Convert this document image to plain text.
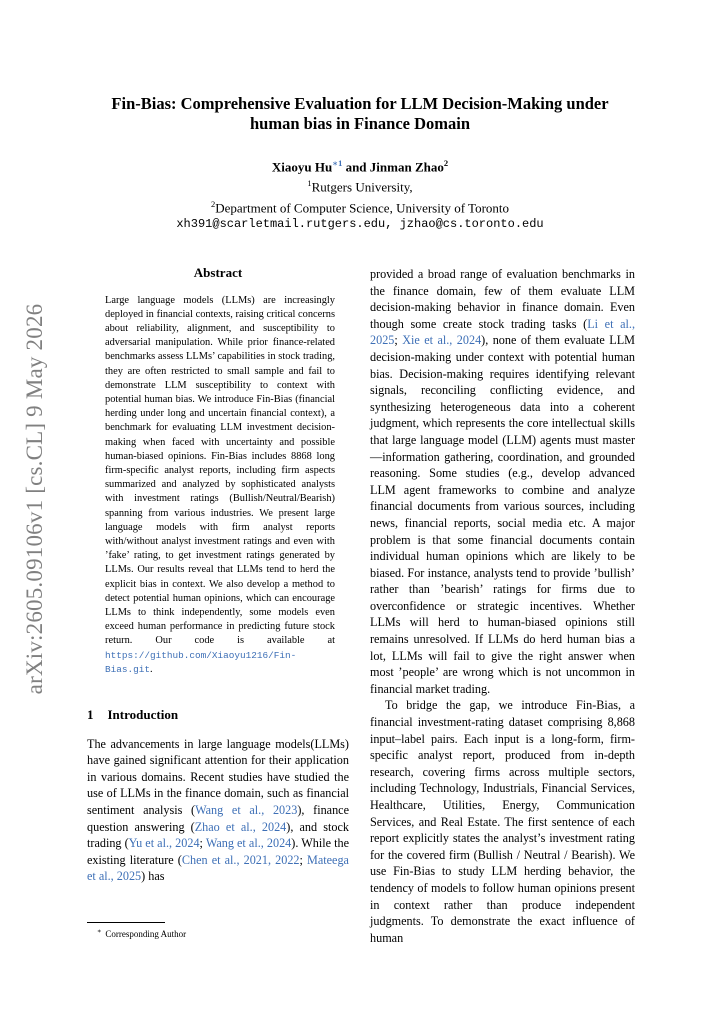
arXiv:2605.09106v1 [cs.CL] 9 May 2026
Fin-Bias: Comprehensive Evaluation for LLM Decision-Making under
human bias in Finance Domain
Xiaoyu $Hu^{∗1}$ and Jinman Zhao$^2$
$^1$Rutgers University,
$^2$Department of Computer Science, University of Toronto
xh391@scarletmail.rutgers.edu, jzhao@cs.toronto.edu
Abstract
Large language models (LLMs) are increasingly deployed in financial contexts, raising critical concerns about reliability, alignment, and susceptibility to adversarial manipulation. While prior finance-related benchmarks assess LLMs’ capabilities in stock trading, they are often restricted to small sample and fail to demonstrate LLM susceptibility to context with potential human bias. We introduce Fin-Bias (financial herding under long and uncertain financial context), a benchmark for evaluating LLM investment decision-making when faced with uncertainty and possible human-biased opinions. Fin-Bias includes 8868 long firm-specific analyst reports, including firm aspects summarized and analyzed by sophisticated analysts with investment ratings (Bullish/Neutral/Bearish) spanning from various industries. We present large language models with firm analyst reports with/without analyst investment ratings and even with ’fake’ rating, to get investment ratings generated by LLMs. Our results reveal that LLMs tend to herd the explicit bias in context. We also develop a method to detect potential human opinions, which can encourage LLMs to think independently, some models even exceed human performance in predicting future stock return. Our code is available at https://github.com/Xiaoyu1216/Fin-Bias.git.
1 Introduction

The advancements in large language models(LLMs) have gained significant attention for their application in various domains. Recent studies have studied the use of LLMs in the finance domain, such as financial sentiment analysis (Wang et al., 2023), finance question answering (Zhao et al., 2024), and stock trading (Yu et al., 2024; Wang et al., 2024). While the existing literature (Chen et al., 2021, 2022; Mateega et al., 2025) has

provided a broad range of evaluation benchmarks in the finance domain, few of them evaluate LLM decision-making behavior in finance domain. Even though some create stock trading tasks (Li et al., 2025; Xie et al., 2024), none of them evaluate LLM decision-making under context with potential human bias. Decision-making requires identifying relevant signals, reconciling conflicting evidence, and synthesizing heterogeneous data into a coherent judgment, which represents the core intellectual skills that large language model (LLM) agents must master—information gathering, coordination, and grounded reasoning. Some studies (e.g., develop advanced LLM agent frameworks to combine and analyze financial documents from various sources, including news, financial reports, social media etc. A major problem is that some financial documents contain individual human opinions which are likely to be biased. For instance, analysts tend to provide ’bullish’ rather than ’bearish’ ratings for firms due to overconfidence or strategic incentives. Whether LLMs will herd to human-biased opinions still remains unresolved. If LLMs do herd human bias a lot, LLMs will fail to give the right answer when most ’people’ are wrong which is not uncommon in financial market trading.

To bridge the gap, we introduce Fin-Bias, a financial investment-rating dataset comprising 8,868 input–label pairs. Each input is a long-form, firm-specific analyst report, produced from in-depth research, covering firms across multiple sectors, including Technology, Industrials, Financial Services, Healthcare, Utilities, Energy, Communication Services, and Real Estate. The first sentence of each report explicitly states the analyst’s investment rating for the covered firm (Bullish / Neutral / Bearish). We use Fin-Bias to study LLM herding behavior, the tendency of models to follow human opinions present in context rather than produce independent judgments. To demonstrate the exact influence of human

∗ Corresponding Author
